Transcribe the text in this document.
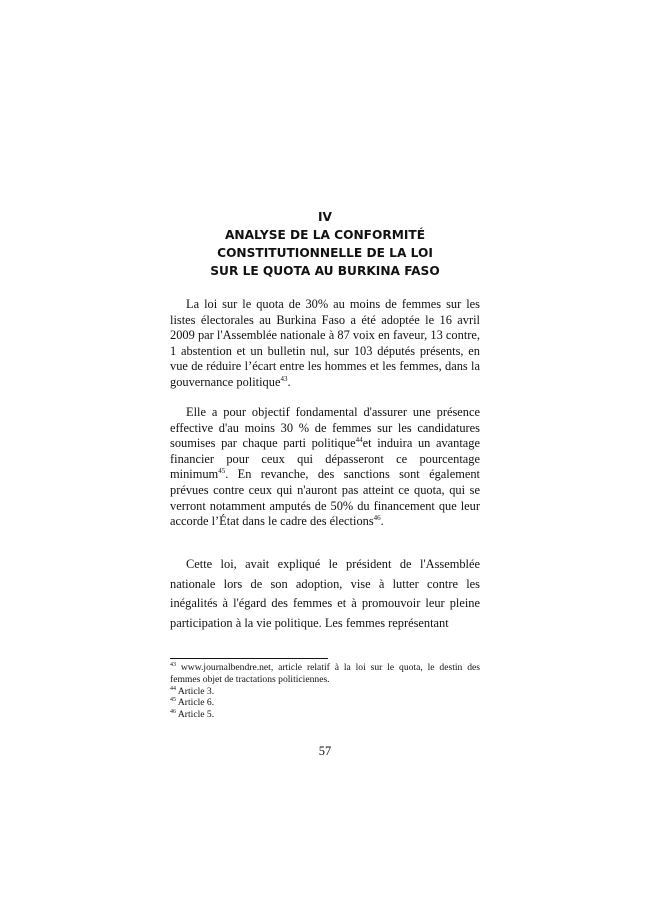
IV
ANALYSE DE LA CONFORMITÉ
CONSTITUTIONNELLE DE LA LOI
SUR LE QUOTA AU BURKINA FASO

La loi sur le quota de 30% au moins de femmes sur les listes électorales au Burkina Faso a été adoptée le 16 avril 2009 par l'Assemblée nationale à 87 voix en faveur, 13 contre, 1 abstention et un bulletin nul, sur 103 députés présents, en vue de réduire l’écart entre les hommes et les femmes, dans la gouvernance politique$^{43}$.

Elle a pour objectif fondamental d'assurer une présence effective d'au moins 30 % de femmes sur les candidatures soumises par chaque parti politique$^{44}$et induira un avantage financier pour ceux qui dépasseront ce pourcentage minimum$^{45}$. En revanche, des sanctions sont également prévues contre ceux qui n'auront pas atteint ce quota, qui se verront notamment amputés de 50% du financement que leur accorde l’État dans le cadre des élections$^{46}$.

Cette loi, avait expliqué le président de l'Assemblée nationale lors de son adoption, vise à lutter contre les inégalités à l'égard des femmes et à promouvoir leur pleine participation à la vie politique. Les femmes représentant

$^{43}$ www.journalbendre.net, article relatif à la loi sur le quota, le destin des femmes objet de tractations politiciennes.
$^{44}$ Article 3.
$^{45}$ Article 6.
$^{46}$ Article 5.
57
